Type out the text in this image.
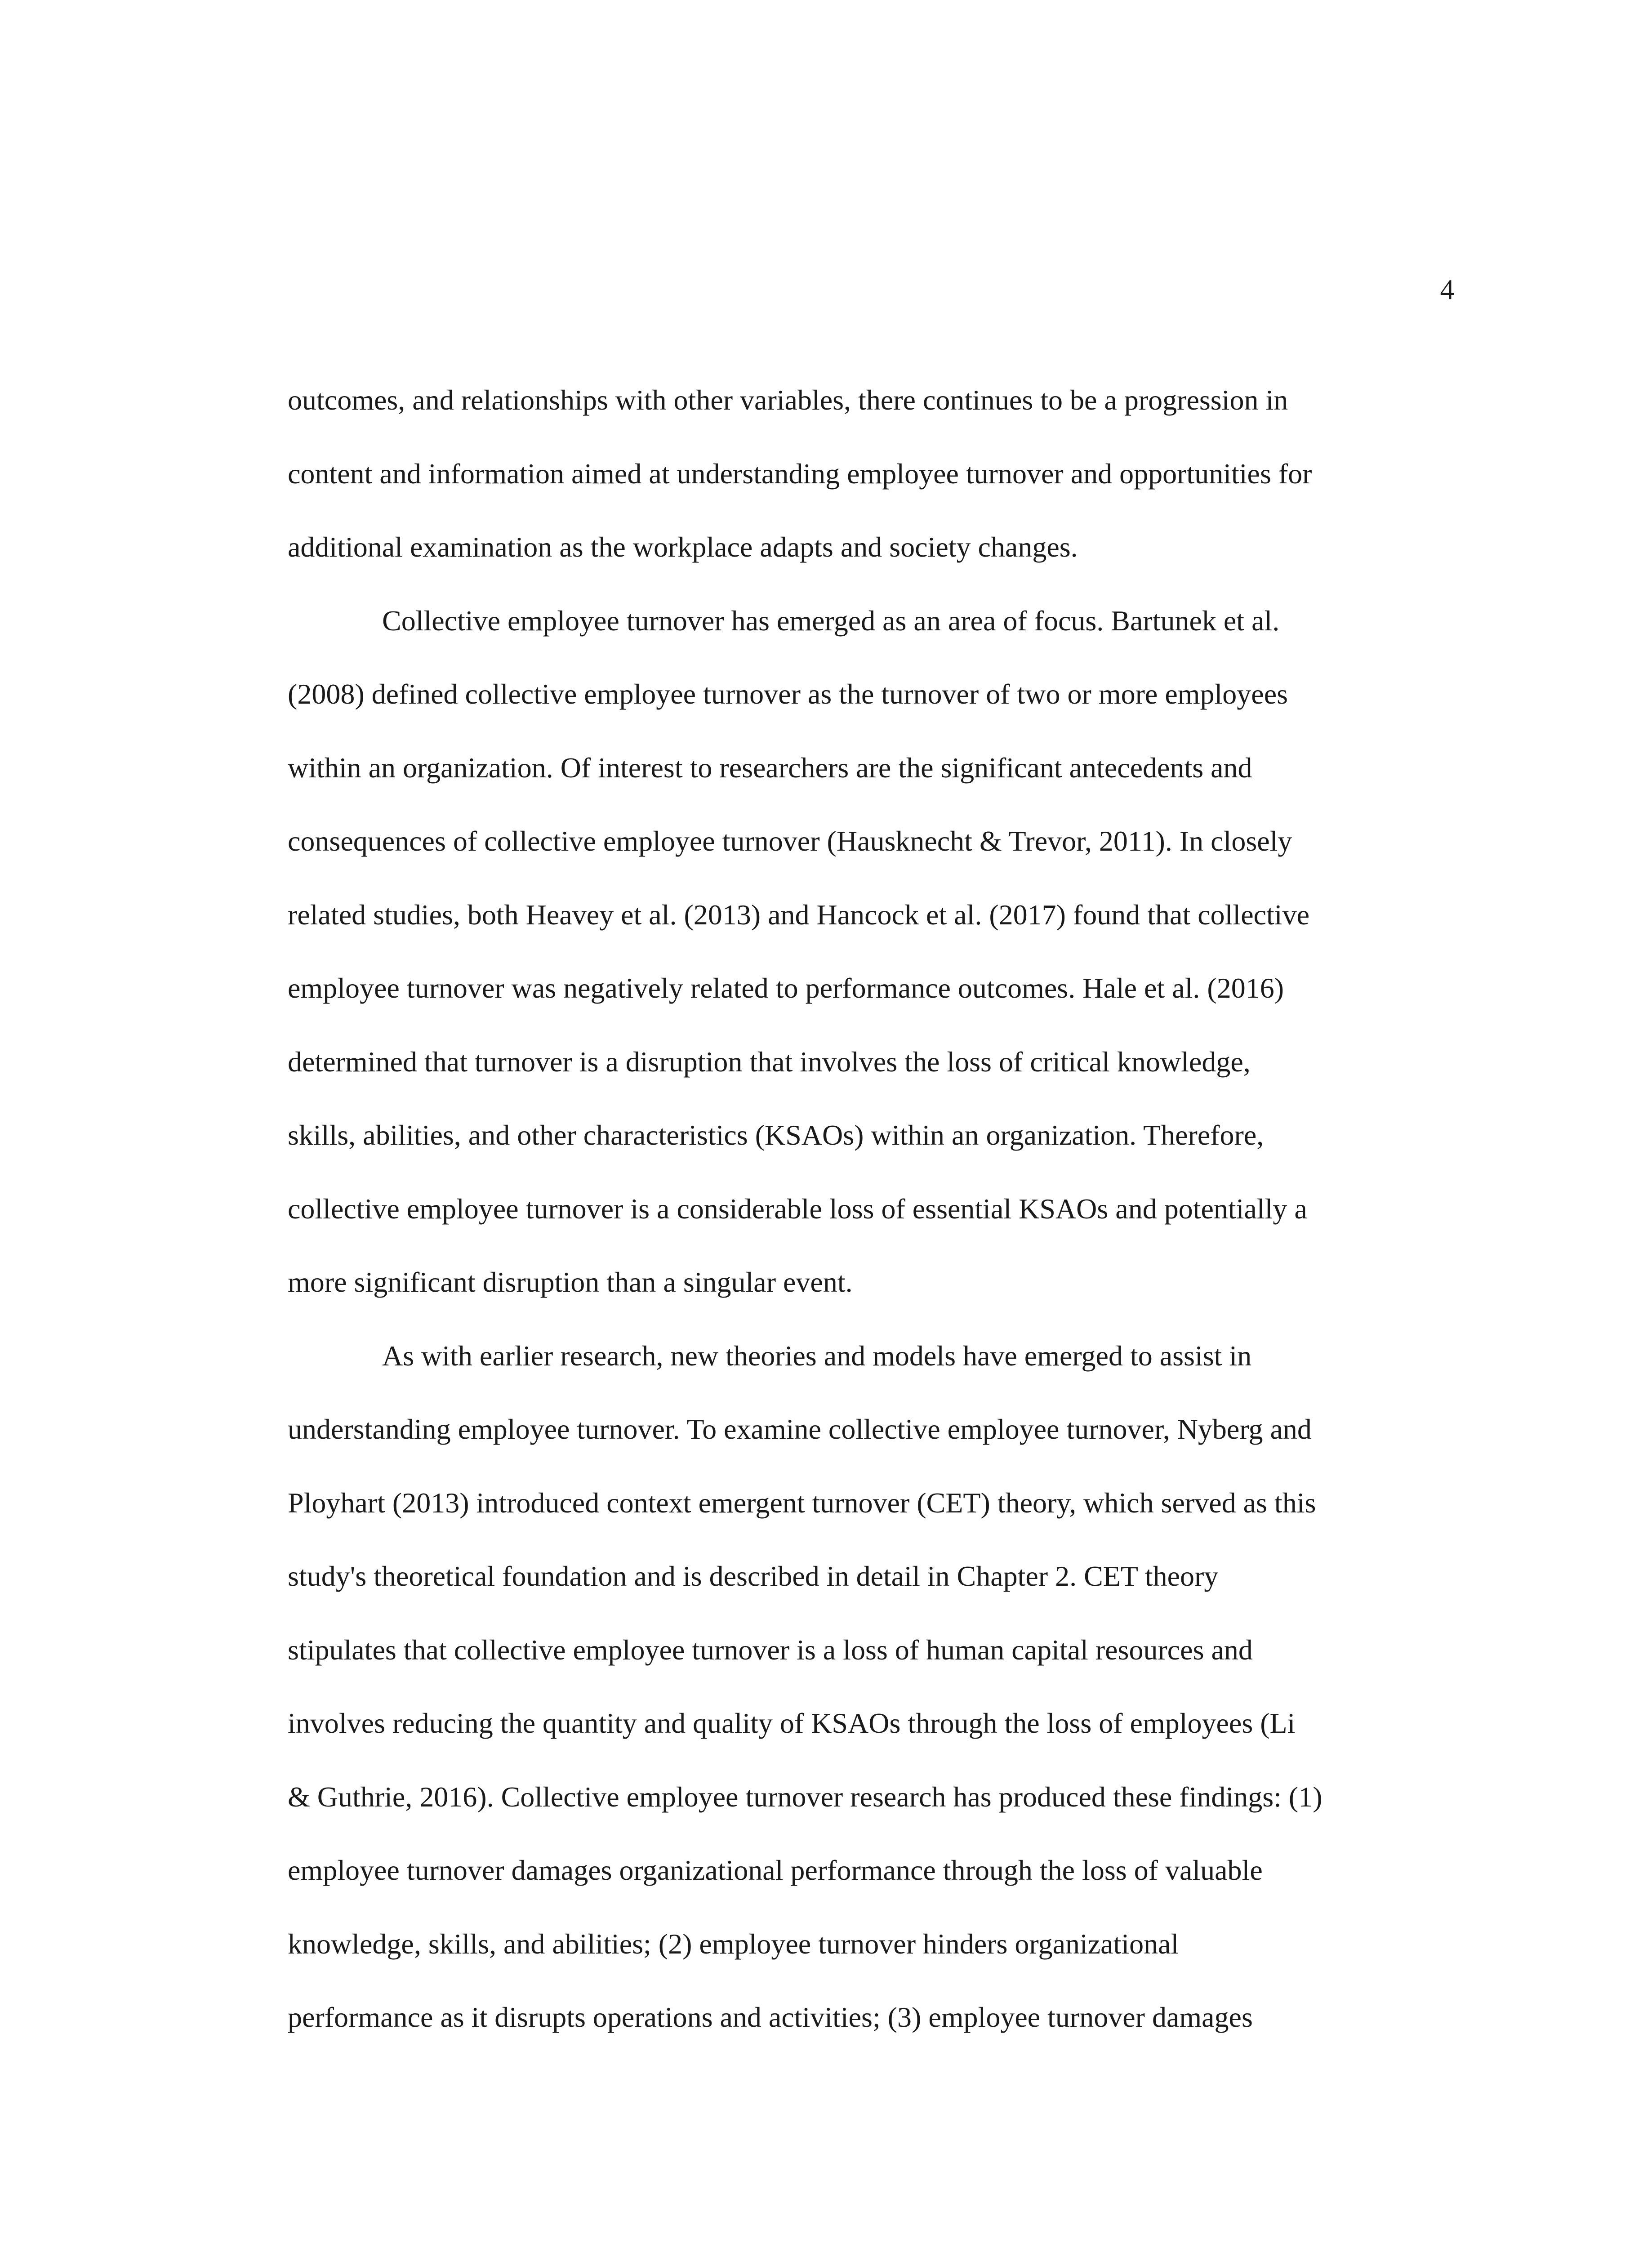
4
outcomes, and relationships with other variables, there continues to be a progression in
content and information aimed at understanding employee turnover and opportunities for
additional examination as the workplace adapts and society changes.
Collective employee turnover has emerged as an area of focus. Bartunek et al.
(2008) defined collective employee turnover as the turnover of two or more employees
within an organization. Of interest to researchers are the significant antecedents and
consequences of collective employee turnover (Hausknecht & Trevor, 2011). In closely
related studies, both Heavey et al. (2013) and Hancock et al. (2017) found that collective
employee turnover was negatively related to performance outcomes. Hale et al. (2016)
determined that turnover is a disruption that involves the loss of critical knowledge,
skills, abilities, and other characteristics (KSAOs) within an organization. Therefore,
collective employee turnover is a considerable loss of essential KSAOs and potentially a
more significant disruption than a singular event.
As with earlier research, new theories and models have emerged to assist in
understanding employee turnover. To examine collective employee turnover, Nyberg and
Ployhart (2013) introduced context emergent turnover (CET) theory, which served as this
study's theoretical foundation and is described in detail in Chapter 2. CET theory
stipulates that collective employee turnover is a loss of human capital resources and
involves reducing the quantity and quality of KSAOs through the loss of employees (Li
& Guthrie, 2016). Collective employee turnover research has produced these findings: (1)
employee turnover damages organizational performance through the loss of valuable
knowledge, skills, and abilities; (2) employee turnover hinders organizational
performance as it disrupts operations and activities; (3) employee turnover damages
